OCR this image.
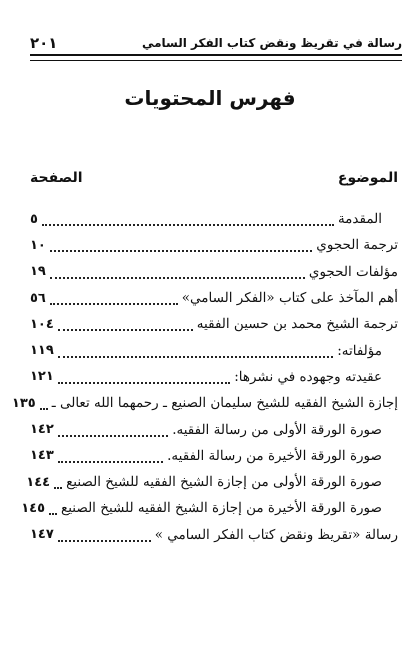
٢٠١	رسالة في تقريظ ونقض كتاب الفكر السامي
فهرس المحتويات
الموضوع
الصفحة
المقدمة
٥
ترجمة الحجوي
١٠
مؤلفات الحجوي
١٩
أهم المآخذ على كتاب «الفكر السامي»
٥٦
ترجمة الشيخ محمد بن حسين الفقيه
١٠٤
مؤلفاته:
١١٩
عقيدته وجهوده في نشرها:
١٢١
إجازة الشيخ الفقيه للشيخ سليمان الصنيع ـ رحمهما الله تعالى ـ
١٣٥
صورة الورقة الأولى من رسالة الفقيه.
١٤٢
صورة الورقة الأخيرة من رسالة الفقيه.
١٤٣
صورة الورقة الأولى من إجازة الشيخ الفقيه للشيخ الصنيع
١٤٤
صورة الورقة الأخيرة من إجازة الشيخ الفقيه للشيخ الصنيع
١٤٥
رسالة «تقريظ ونقض كتاب الفكر السامي »
١٤٧
